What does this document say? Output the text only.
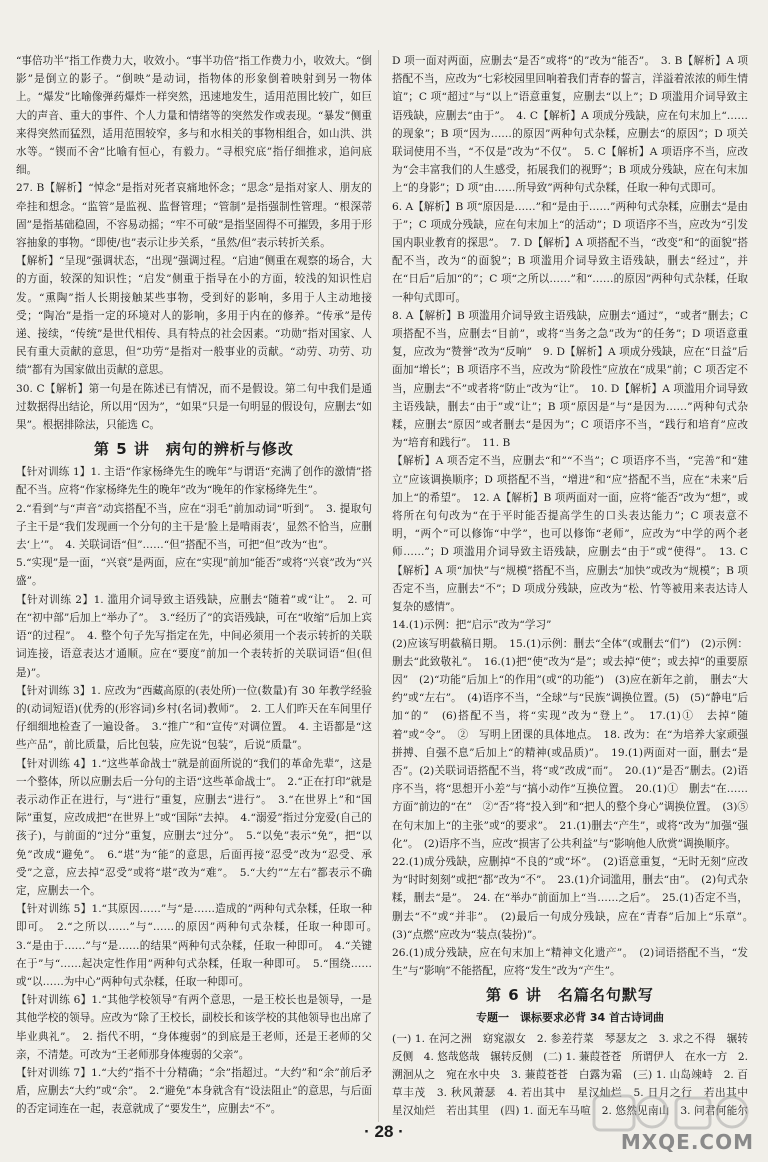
“事倍功半”指工作费力大，收效小。“事半功倍”指工作费力小，收效大。“倒影”是倒立的影子。“倒映”是动词，指物体的形象倒着映射到另一物体上。“爆发”比喻像弹药爆炸一样突然，迅速地发生，适用范围比较广，如巨大的声音、重大的事件、个人力量和情绪等的突然发作或表现。“暴发”侧重来得突然而猛烈，适用范围较窄，多与和水相关的事物相组合，如山洪、洪水等。“锲而不舍”比喻有恒心，有毅力。“寻根究底”指仔细推求，追问底细。

27. B【解析】“悼念”是指对死者哀痛地怀念；“思念”是指对家人、朋友的牵挂和想念。“监管”是监视、监督管理；“管制”是指强制性管理。“根深蒂固”是指基础稳固，不容易动摇；“牢不可破”是指坚固得不可摧毁，多用于形容抽象的事物。“即使/也”表示让步关系，“虽然/但”表示转折关系。

【解析】“呈现”强调状态，“出现”强调过程。“启迪”侧重在观察的场合，大的方面，较深的知识性；“启发”侧重于指导在小的方面，较浅的知识性启发。“熏陶”指人长期接触某些事物，受到好的影响，多用于人主动地接受；“陶冶”是指一定的环境对人的影响，多用于内在的修养。“传承”是传递、接续，“传统”是世代相传、具有特点的社会因素。“功勋”指对国家、人民有重大贡献的意思，但“功劳”是指对一般事业的贡献。“动劳、功劳、功绩”都有为国家做出贡献的意思。

30. C【解析】第一句是在陈述已有情况，而不是假设。第二句中我们是通过数据得出结论，所以用“因为”，“如果”只是一句明显的假设句，应删去“如果”。根据排除法，只能选 C。

第 5 讲　病句的辨析与修改

【针对训练 1】1. 主语“作家杨绛先生的晚年”与谓语“充满了创作的激情”搭配不当。应将“作家杨绛先生的晚年”改为“晚年的作家杨绛先生”。

2.“看到”与“声音”动宾搭配不当，应在“羽毛”前加动词“听到”。　3. 提取句子主干是“我们发现画一个分句的主干是‘脸上是啃雨表’，显然不恰当，应删去‘上’”。　4. 关联词语“但”……“但”搭配不当，可把“但”改为“也”。

5.“实现”是一面，“兴衰”是两面，应在“实现”前加“能否”或将“兴衰”改为“兴盛”。

【针对训练 2】1. 滥用介词导致主语残缺，应删去“随着”或“让”。　2. 可在“初中部”后加上“举办了”。　3.“经历了”的宾语残缺，可在“收缩”后加上宾语“的过程”。　4. 整个句子先写指定在先，中间必须用一个表示转折的关联词连接，语意表达才通顺。应在“要度”前加一个表转折的关联词语“但(但是)”。

【针对训练 3】1. 应改为“西藏高原的(表处所)一位(数量)有 30 年教学经验的(动词短语)(优秀的(形容词)乡村(名词)教师”。　2. 工人们昨天在车间里仔仔细细地检查了一遍设备。　3.“推广”和“宣传”对调位置。　4. 主语都是“这些产品”，前比质量，后比包装，应先说“包装”，后说“质量”。

【针对训练 4】1.“这些革命战士”就是前面所说的“我们的革命先辈”，这是一个整体，所以应删去后一分句的主语“这些革命战士”。　2.“正在打印”就是表示动作正在进行，与“进行”重复，应删去“进行”。　3.“在世界上”和“国际”重复，应改成把“在世界上”或“国际”去掉。　4.“溺爱”指过分宠爱(自己的孩子)，与前面的“过分”重复，应删去“过分”。　5.“以免”表示“免”，把“以免”改成“避免”。　6.“堪”为“能”的意思，后面再接“忍受”改为“忍受、承受”之意，应去掉“忍受”或将“堪”改为“难”。　5.“大约”“左右”都表示不确定，应删去一个。

【针对训练 5】1.“其原因……”与“是……造成的”两种句式杂糅，任取一种即可。　2.“之所以……”与“……的原因”两种句式杂糅，任取一种即可。　3.“是由于……”与“是……的结果”两种句式杂糅，任取一种即可。　4.“关键在于”与“……起决定性作用”两种句式杂糅，任取一种即可。　5.“围绕……或“以……为中心”两种句式杂糅，任取一种即可。

【针对训练 6】1.“其他学校领导”有两个意思，一是王校长也是领导，一是其他学校的领导。应改为“除了王校长，副校长和该学校的其他领导也出席了毕业典礼”。　2. 指代不明，“身体瘦弱”的到底是王老师，还是王老师的父亲，不清楚。可改为“王老师那身体瘦弱的父亲”。

【针对训练 7】1.“大约”指不十分精确；“余”指超过。“大约”和“余”前后矛盾，应删去“大约”或“余”。　2.“避免”本身就含有“设法阻止”的意思，与后面的否定词连在一起，表意就成了“要发生”，应删去“不”。

D 项一面对两面，应删去“是否”或将“的”改为“能否”。　3. B【解析】A 项搭配不当，应改为“七彩校园里回响着我们青春的誓言，洋溢着浓浓的师生情谊”；C 项“超过”与“以上”语意重复，应删去“以上”；D 项滥用介词导致主语残缺，应删去“由于”。　4. C【解析】A 项成分残缺，应在句末加上“……的现象”；B 项“因为……的原因”两种句式杂糅，应删去“的原因”；D 项关联词使用不当，“不仅是”改为“不仅”。　5. C【解析】A 项语序不当，应改为“会丰富我们的人生感受，拓展我们的视野”；B 项成分残缺，应在句末加上“的身影”；D 项“由……所导致”两种句式杂糅，任取一种句式即可。

6. A【解析】B 项“原因是……”和“是由于……”两种句式杂糅，应删去“是由于”；C 项成分残缺，应在句末加上“的活动”；D 项语序不当，应改为“引发国内职业教育的探思”。　7. D【解析】A 项搭配不当，“改变”和“的面貌”搭配不当，改为“的面貌”；B 项滥用介词导致主语残缺，删去“经过”，并在“日后”后加“的”；C 项“之所以……”和“……的原因”两种句式杂糅，任取一种句式即可。

8. A【解析】B 项滥用介词导致主语残缺，应删去“通过”，“或者”删去；C 项搭配不当，应删去“目前”，或将“当务之急”改为“的任务”；D 项语意重复，应改为“赞誉”改为“反响”　9. D【解析】A 项成分残缺，应在“日益”后面加“增长”；B 项语序不当，应改为“阶段性”应放在“成果”前；C 项否定不当，应删去“不”或者将“防止”改为“让”。　10. D【解析】A 项滥用介词导致主语残缺，删去“由于”或“让”；B 项“原因是”与“是因为……”两种句式杂糅，应删去“原因”或者删去“是因为”；C 项语序不当，“践行和培育”应改为“培育和践行”。　11. B

【解析】A 项否定不当，应删去“和”“不当”；C 项语序不当，“完善”和“建立”应该调换顺序；D 项搭配不当，“增进”和“应”搭配不当，应在“未来”后加上“的希望”。　12. A【解析】B 项两面对一面，应将“能否”改为“想”，或将所在句句改为“在于平时能否提高学生的口头表达能力”；C 项表意不明，“两个”可以修饰“中学”，也可以修饰“老师”，应改为“中学的两个老师……”；D 项滥用介词导致主语残缺，应删去“由于”或“使得”。　13. C【解析】A 项“加快”与“规模”搭配不当，应删去“加快”或改为“规模”；B 项否定不当，应删去“不”；D 项成分残缺，应改为“松、竹等被用来表达诗人复杂的感情”。

14.(1)示例：把“启示”改为“学习”

(2)应该写明截稿日期。　15.(1)示例：删去“全体”(或删去“们”)　(2)示例：删去“此致敬礼”。　16.(1)把“使”改为“是”；或去掉“使”；或去掉“的重要原因”　(2)“功能”后加上“的作用”(或“的功能”)　(3)应在新年之前，　删去“大约”或“左右”。　(4)语序不当，“全球”与“民族”调换位置。(5)　(5)“静电”后加“的”　(6)搭配不当，将“实现”改为“登上”。　17.(1)①　去掉“随着”或“令”。　②　写明上团课的具体地点。　18. 改为：在“为培养大家顽强拼搏、自强不息”后加上“的精神(或品质)”。　19.(1)两面对一面，删去“是否”。(2)关联词语搭配不当，将“或”改成“而”。　20.(1)“是否”删去。(2)语序不当，将“思想开小差”与“搞小动作”互换位置。　20.(1)①　删去“在……方面”前边的“在”　②“否”将“投入到”和“把人的整个身心”调换位置。　(3)⑤　在句末加上“的主张”或“的要求”。　21.(1)删去“产生”，或将“改为”加强“强化”。　(2)语序不当，应改“损害了公共利益”与“影响他人欣赏”调换顺序。

22.(1)成分残缺，应删掉“不良的”或“坏”。　(2)语意重复，“无时无刻”应改为“时时刻刻”或把“都”改为“不”。　23.(1)介词滥用，删去“由”。　(2)句式杂糅，删去“是”。　24. 在“举办”前面加上“当……之后”。　25.(1)否定不当，删去“不”或“并非”。　(2)最后一句成分残缺，应在“青春”后加上“乐章”。　(3)“点燃”应改为“装点(装扮)”。

26.(1)成分残缺，应在句末加上“精神文化遗产”。　(2)词语搭配不当，“发生”与“影响”不能搭配，应将“发生”改为“产生”。

第 6 讲　名篇名句默写

专题一　课标要求必背 34 首古诗词曲

(一) 1. 在河之洲　窈窕淑女　2. 参差荇菜　琴瑟友之　3. 求之不得　辗转反侧　4. 悠哉悠哉　辗转反侧　(二) 1. 蒹葭苍苍　所谓伊人　在水一方　2. 溯洄从之　宛在水中央　3. 蒹葭苍苍　白露为霜　(三) 1. 山岛竦峙　2. 百草丰茂　3. 秋风萧瑟　4. 若出其中　星汉灿烂　5. 日月之行　若出其中　星汉灿烂　若出其里　(四) 1. 面无车马喧　2. 悠然见南山　3. 问君何能尔　　 　　 　　 　 　 　　 　　 　　 　 　 　 　 　　 　　 　　 　 　 　 　　 　　 　 　 　　 　　 　 　 　　 　　 　　 　　 　 　 　 　　 　　 　　 　 　　 　　 　 　 　　 　 　

· 28 ·	MXQE.COM
